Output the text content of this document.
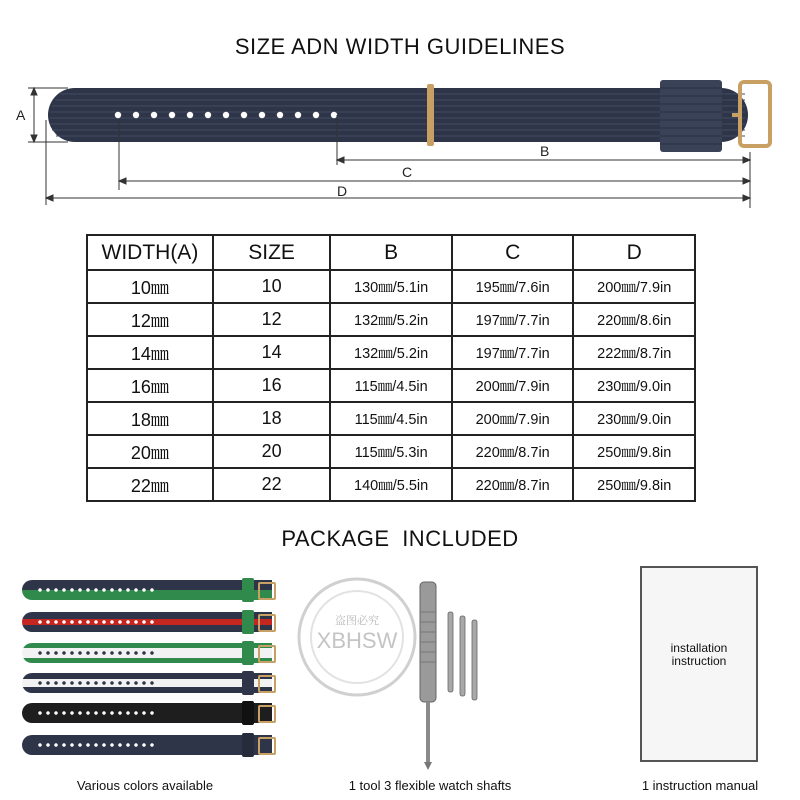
SIZE ADN WIDTH GUIDELINES
A
B
C
D
WIDTH(A)	SIZE	B	C	D
10㎜	10	130㎜/5.1in	195㎜/7.6in	200㎜/7.9in
12㎜	12	132㎜/5.2in	197㎜/7.7in	220㎜/8.6in
14㎜	14	132㎜/5.2in	197㎜/7.7in	222㎜/8.7in
16㎜	16	115㎜/4.5in	200㎜/7.9in	230㎜/9.0in
18㎜	18	115㎜/4.5in	200㎜/7.9in	230㎜/9.0in
20㎜	20	115㎜/5.3in	220㎜/8.7in	250㎜/9.8in
22㎜	22	140㎜/5.5in	220㎜/8.7in	250㎜/9.8in
PACKAGE INCLUDED
盗图必究
XBHSW	installation
instruction
Various colors available	1 tool 3 flexible watch shafts	1 instruction manual
